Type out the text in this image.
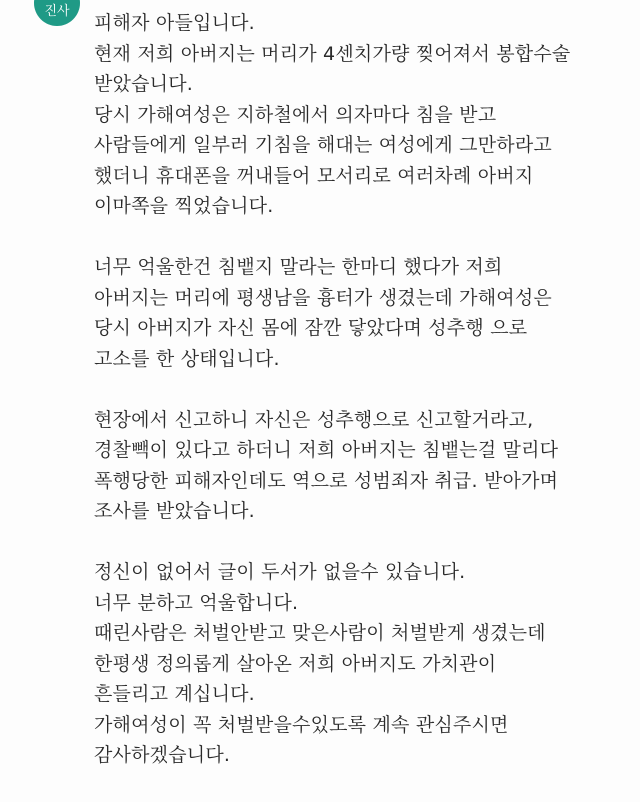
진사
피해자 아들입니다.
현재 저희 아버지는 머리가 4센치가량 찢어져서 봉합수술
받았습니다.
당시 가해여성은 지하철에서 의자마다 침을 받고
사람들에게 일부러 기침을 해대는 여성에게 그만하라고
했더니 휴대폰을 꺼내들어 모서리로 여러차례 아버지
이마쪽을 찍었습니다.
너무 억울한건 침뱉지 말라는 한마디 했다가 저희
아버지는 머리에 평생남을 흉터가 생겼는데 가해여성은
당시 아버지가 자신 몸에 잠깐 닿았다며 성추행 으로
고소를 한 상태입니다.
현장에서 신고하니 자신은 성추행으로 신고할거라고,
경찰빽이 있다고 하더니 저희 아버지는 침뱉는걸 말리다
폭행당한 피해자인데도 역으로 성범죄자 취급. 받아가며
조사를 받았습니다.
정신이 없어서 글이 두서가 없을수 있습니다.
너무 분하고 억울합니다.
때린사람은 처벌안받고 맞은사람이 처벌받게 생겼는데
한평생 정의롭게 살아온 저희 아버지도 가치관이
흔들리고 계십니다.
가해여성이 꼭 처벌받을수있도록 계속 관심주시면
감사하겠습니다.
